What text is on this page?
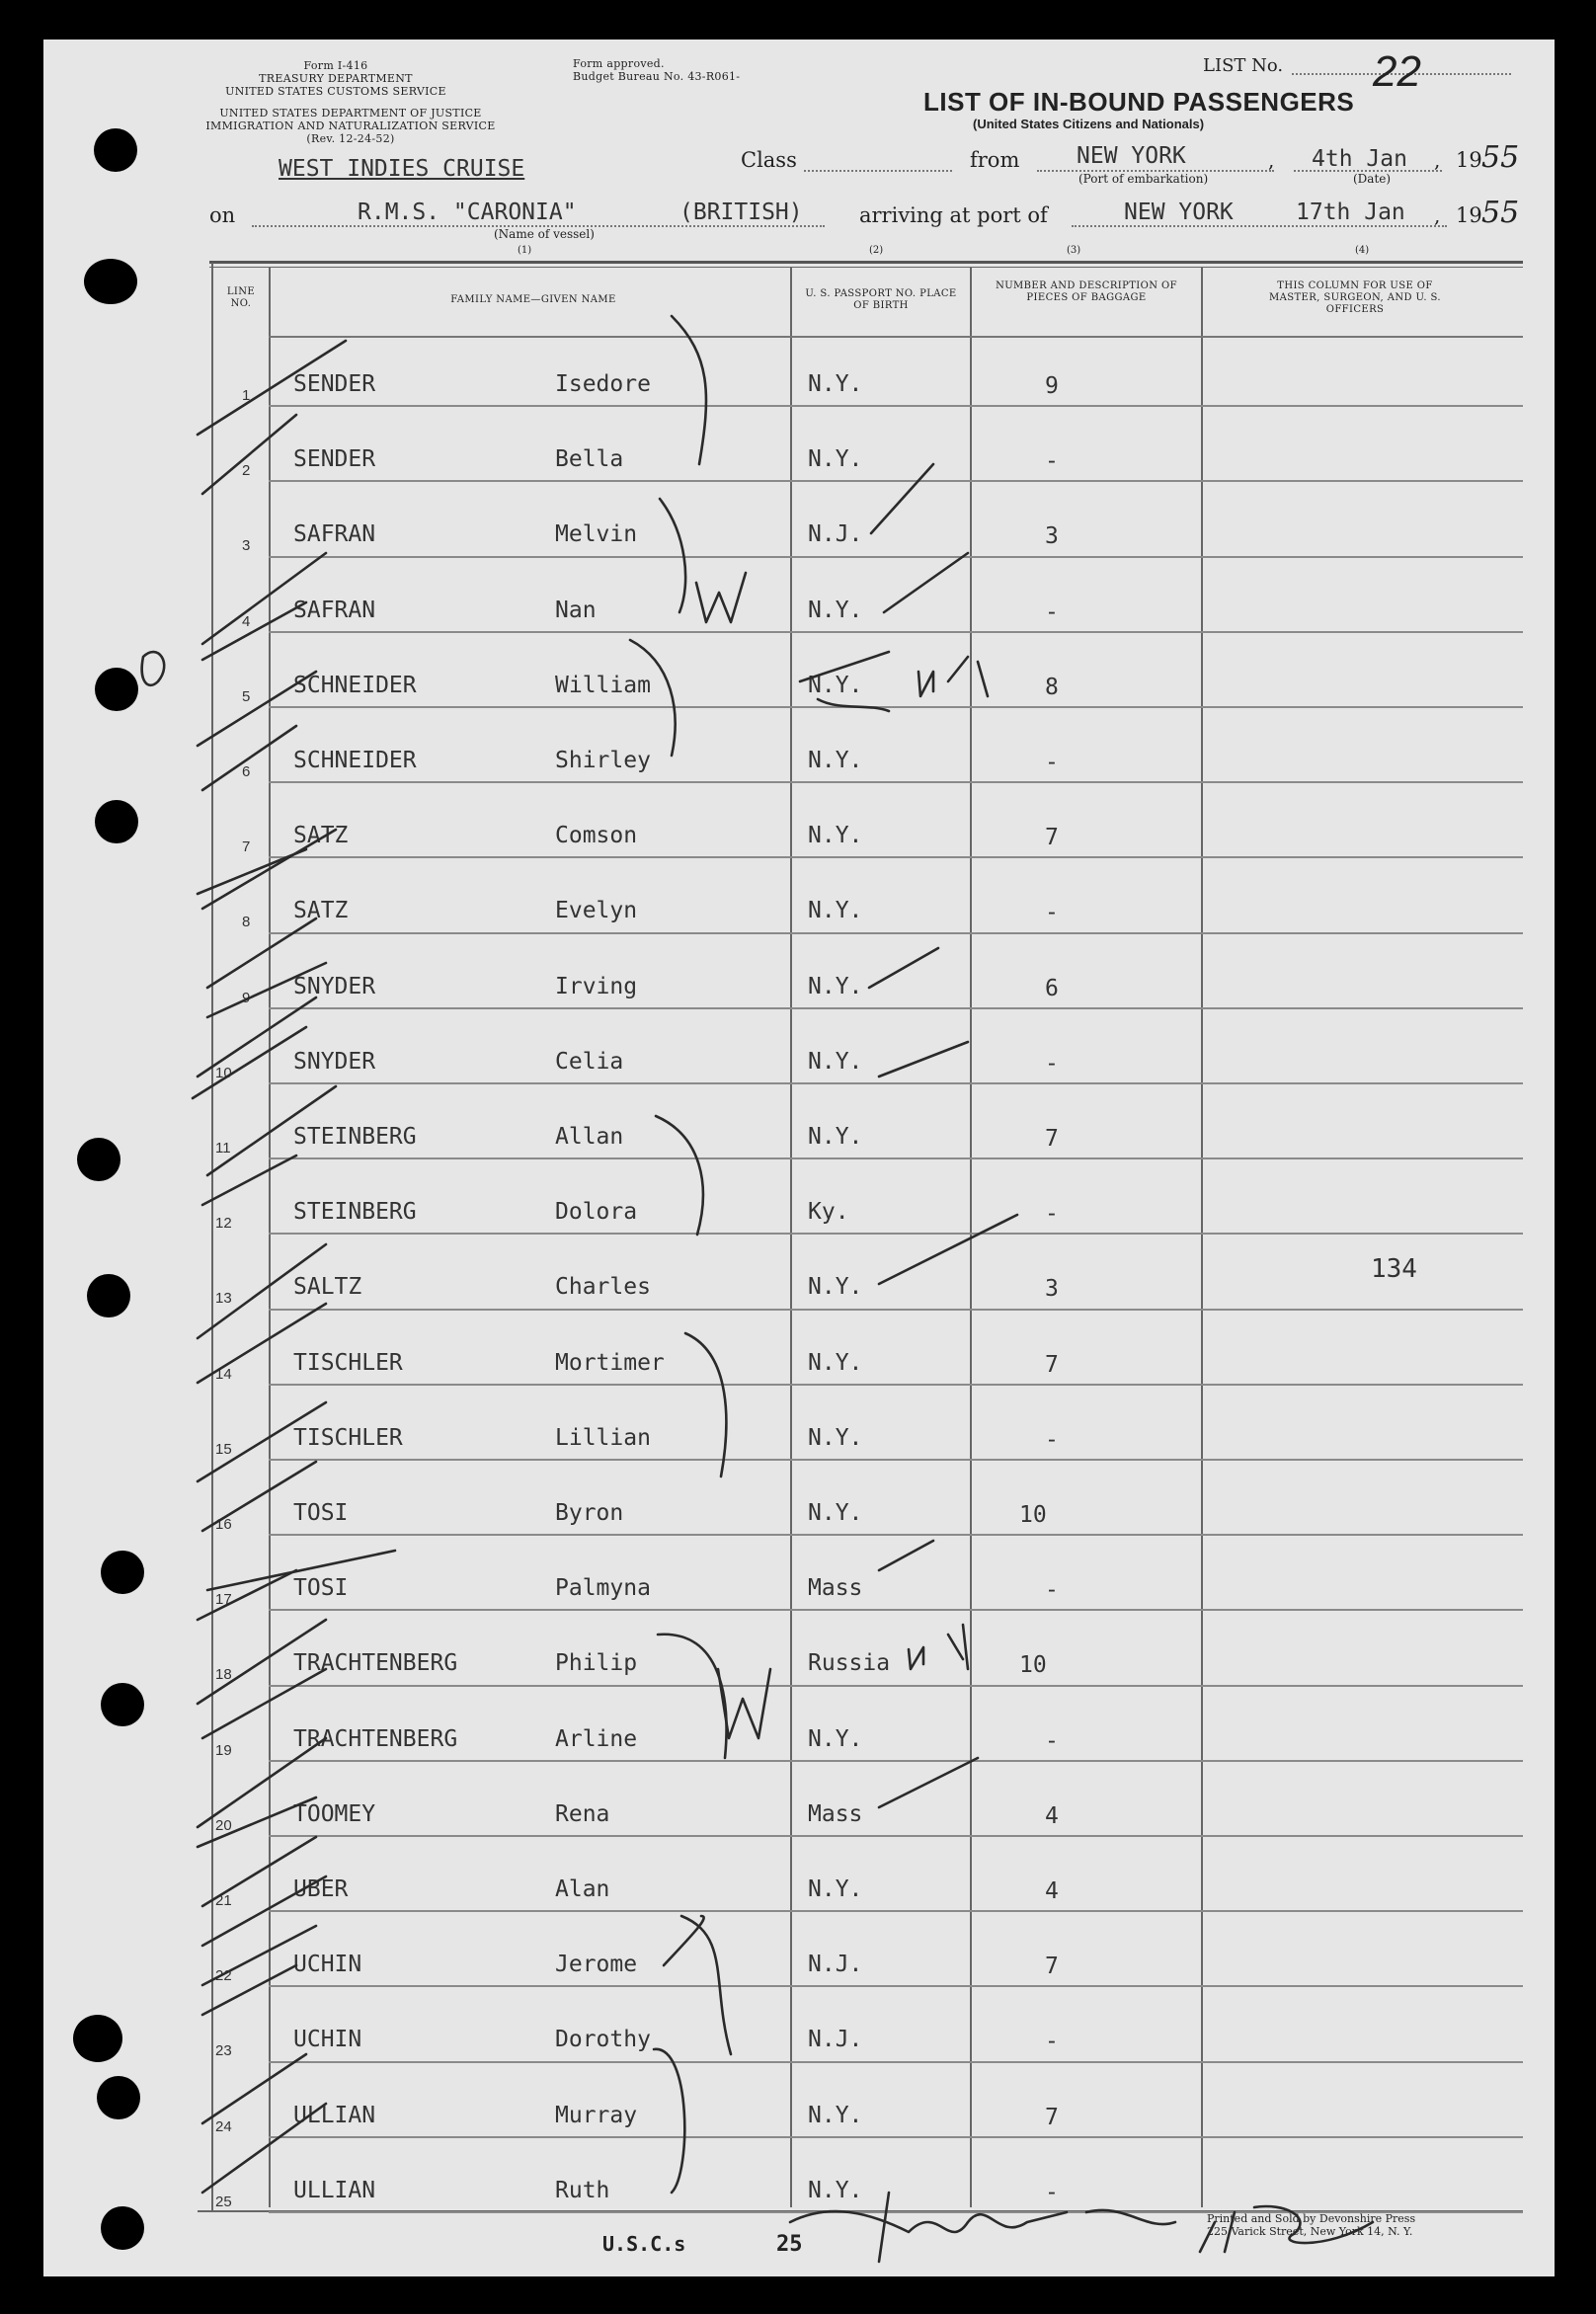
Form I-416
TREASURY DEPARTMENT
UNITED STATES CUSTOMS SERVICE
Form approved.
Budget Bureau No. 43-R061-
UNITED STATES DEPARTMENT OF JUSTICE
IMMIGRATION AND NATURALIZATION SERVICE
(Rev. 12-24-52)
LIST No. 22
LIST OF IN-BOUND PASSENGERS
(United States Citizens and Nationals)
WEST INDIES CRUISE	Class	from	NEW YORK
(Port of embarkation)
, 4th Jan
(Date)
, 19 55
on	R.M.S. "CARONIA"	(BRITISH)
(Name of vessel)
arriving at port of	NEW YORK	17th Jan , 19 55
(1)	(2)	(3)	(4)
LINE NO.	FAMILY NAME—GIVEN NAME
U. S. PASSPORT NO. PLACE OF BIRTH
NUMBER AND DESCRIPTION OF PIECES OF BAGGAGE
THIS COLUMN FOR USE OF MASTER, SURGEON, AND U. S. OFFICERS
1 SENDER	Isedore	N.Y.	9
2 SENDER	Bella	N.Y.	-
3 SAFRAN	Melvin	N.J.	3
4 SAFRAN	Nan	N.Y.	-
5 SCHNEIDER	William	N.Y.	8
6 SCHNEIDER	Shirley	N.Y.	-
7 SATZ	Comson	N.Y.	7
8 SATZ	Evelyn	N.Y.	-
9 SNYDER	Irving	N.Y.	6
10	SNYDER	Celia	N.Y.	-
11	STEINBERG	Allan	N.Y.	7
12	STEINBERG	Dolora	Ky.	-
13	SALTZ	Charles	N.Y.	3
14	TISCHLER	Mortimer	N.Y.	7
15	TISCHLER	Lillian	N.Y.	-
16	TOSI	Byron	N.Y.	10
17	TOSI	Palmyna	Mass	-
18	TRACHTENBERG	Philip	Russia	10
19	TRACHTENBERG	Arline	N.Y.	-
20	TOOMEY	Rena	Mass	4
21	UBER	Alan	N.Y.	4
22	UCHIN	Jerome	N.J.	7
23	UCHIN	Dorothy	N.J.	-
24	ULLIAN	Murray	N.Y.	7
25	ULLIAN	Ruth	N.Y.	-
134
U.S.C.s	25
Printed and Sold by Devonshire Press
225 Varick Street, New York 14, N. Y.
